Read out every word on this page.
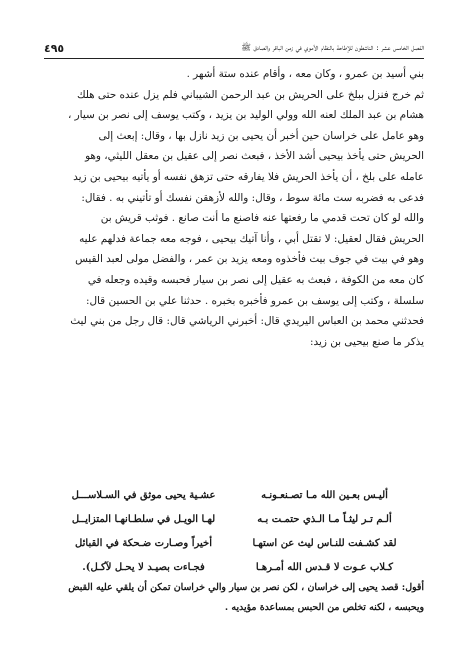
٤٩٥	الفصل الخامس عشر : الناشطون للإطاحة بالنظام الأموي في زمن الباقر والصادق ﷺ
بني أسيد بن عمرو ، وكان معه ، وأقام عنده ستة أشهر .
ثم خرج فنزل ببلخ على الحريش بن عبد الرحمن الشيباني فلم يزل عنده حتى هلك
هشام بن عبد الملك لعنه الله وولي الوليد بن يزيد ، وكتب يوسف إلى نصر بن سيار ،
وهو عامل على خراسان حين أخبر أن يحيى بن زيد نازل بها ، وقال: إبعث إلى
الحريش حتى يأخذ بيحيى أشد الأخذ ، فبعث نصر إلى عقيل بن معقل الليثي، وهو
عامله على بلخ ، أن يأخذ الحريش فلا يفارقه حتى تزهق نفسه أو يأتيه بيحيى بن زيد
فدعى به فضربه ست مائة سوط ، وقال: والله لأزهقن نفسك أو تأتيني به . فقال:
والله لو كان تحت قدمي ما رفعتها عنه فاصنع ما أنت صانع . فوثب قريش بن
الحريش فقال لعقيل: لا تقتل أبي ، وأنا آتيك بيحيى ، فوجه معه جماعة فدلهم عليه
وهو في بيت في جوف بيت فأخذوه ومعه يزيد بن عمر ، والفضل مولى لعبد القيس
كان معه من الكوفة ، فبعث به عقيل إلى نصر بن سيار فحبسه وقيده وجعله في
سلسلة ، وكتب إلى يوسف بن عمرو فأخبره بخبره . حدثنا علي بن الحسين قال:
فحدثني محمد بن العباس اليريدي قال: أخبرني الرياشي قال: قال رجل من بني ليث
يذكر ما صنع بيحيى بن زيد:
أليـس بعـين الله مـا تصـنعـونـه
عشـية يحيى موثق في السـلاســـل
ألـم تـر ليثـاً مـا الـذي حتمـت بـه
لهـا الويـل في سلطـانهـا المتزايــل
لقد كشـفت للنـاس ليث عن استهـا
أخيراً وصـارت ضـحكة في القبائل
كـلاب عـوت لا قـدس الله أمـرهـا
فجـاءت بصيـد لا يحـل لآكـل).
أقول: قصد يحيى إلى خراسان ، لكن نصر بن سيار والي خراسان تمكن أن يلقي عليه القبض
ويحبسه ، لكنه تخلص من الحبس بمساعدة مؤيديه .
